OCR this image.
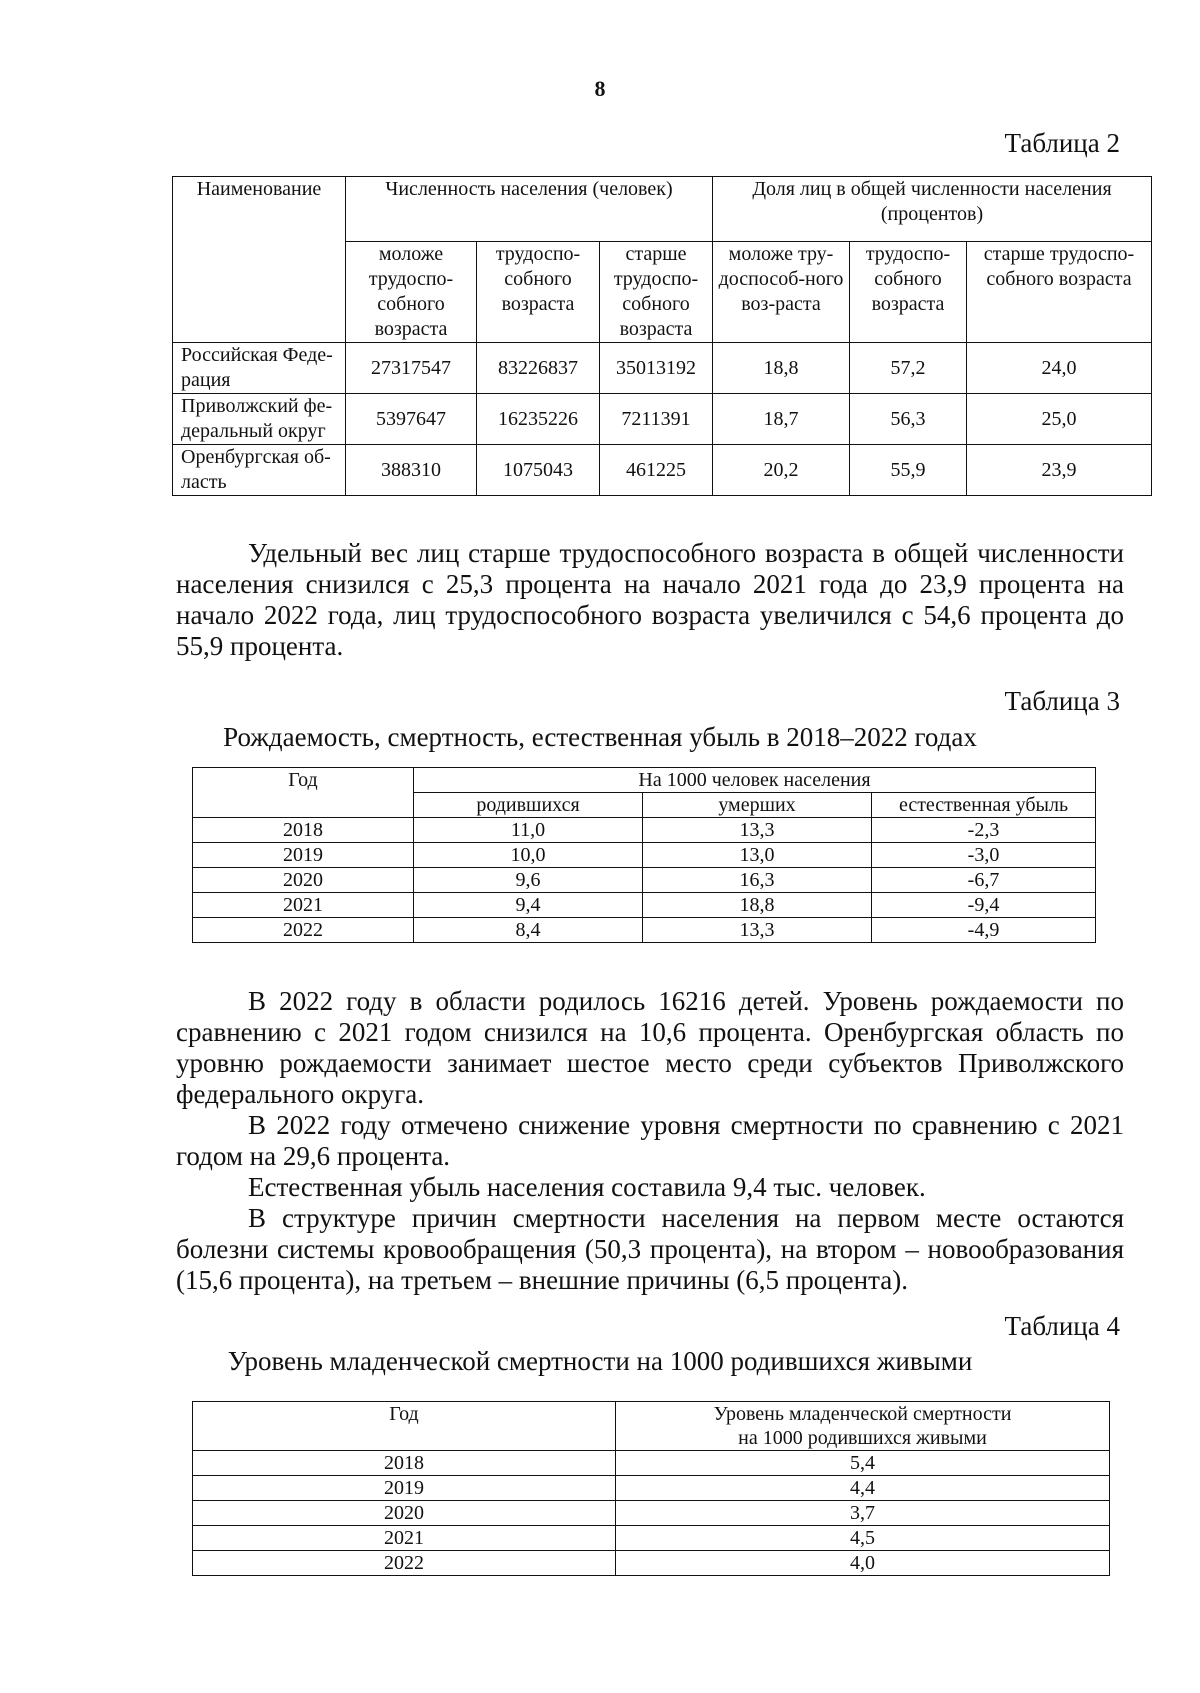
8
Таблица 2
Наименование	Численность населения (человек)			Доля лиц в общей численности населения (процентов)		
	моложе трудоспо-собного возраста	трудоспо-собного возраста	старше трудоспо-собного возраста	моложе тру-доспособ-ного воз-раста	трудоспо-собного возраста	старше трудоспо-собного возраста
Российская Феде-рация	27317547	83226837	35013192	18,8	57,2	24,0
Приволжский фе-деральный округ	5397647	16235226	7211391	18,7	56,3	25,0
Оренбургская об-ласть	388310	1075043	461225	20,2	55,9	23,9

Удельный вес лиц старше трудоспособного возраста в общей численности населения снизился с 25,3 процента на начало 2021 года до 23,9 процента на начало 2022 года, лиц трудоспособного возраста увеличился с 54,6 процента до 55,9 процента.

Таблица 3
Рождаемость, смертность, естественная убыль в 2018–2022 годах
Год	На 1000 человек населения		
	родившихся	умерших	естественная убыль
2018	11,0	13,3	-2,3
2019	10,0	13,0	-3,0
2020	9,6	16,3	-6,7
2021	9,4	18,8	-9,4
2022	8,4	13,3	-4,9

В 2022 году в области родилось 16216 детей. Уровень рождаемости по сравнению с 2021 годом снизился на 10,6 процента. Оренбургская область по уровню рождаемости занимает шестое место среди субъектов Приволжского федерального округа.

В 2022 году отмечено снижение уровня смертности по сравнению с 2021 годом на 29,6 процента.

Естественная убыль населения составила 9,4 тыс. человек.

В структуре причин смертности населения на первом месте остаются болезни системы кровообращения (50,3 процента), на втором – новообразования (15,6 процента), на третьем – внешние причины (6,5 процента).

Таблица 4
Уровень младенческой смертности на 1000 родившихся живыми
Год	Уровень младенческой смертности
на 1000 родившихся живыми

2018	5,4
2019	4,4
2020	3,7
2021	4,5
2022	4,0
